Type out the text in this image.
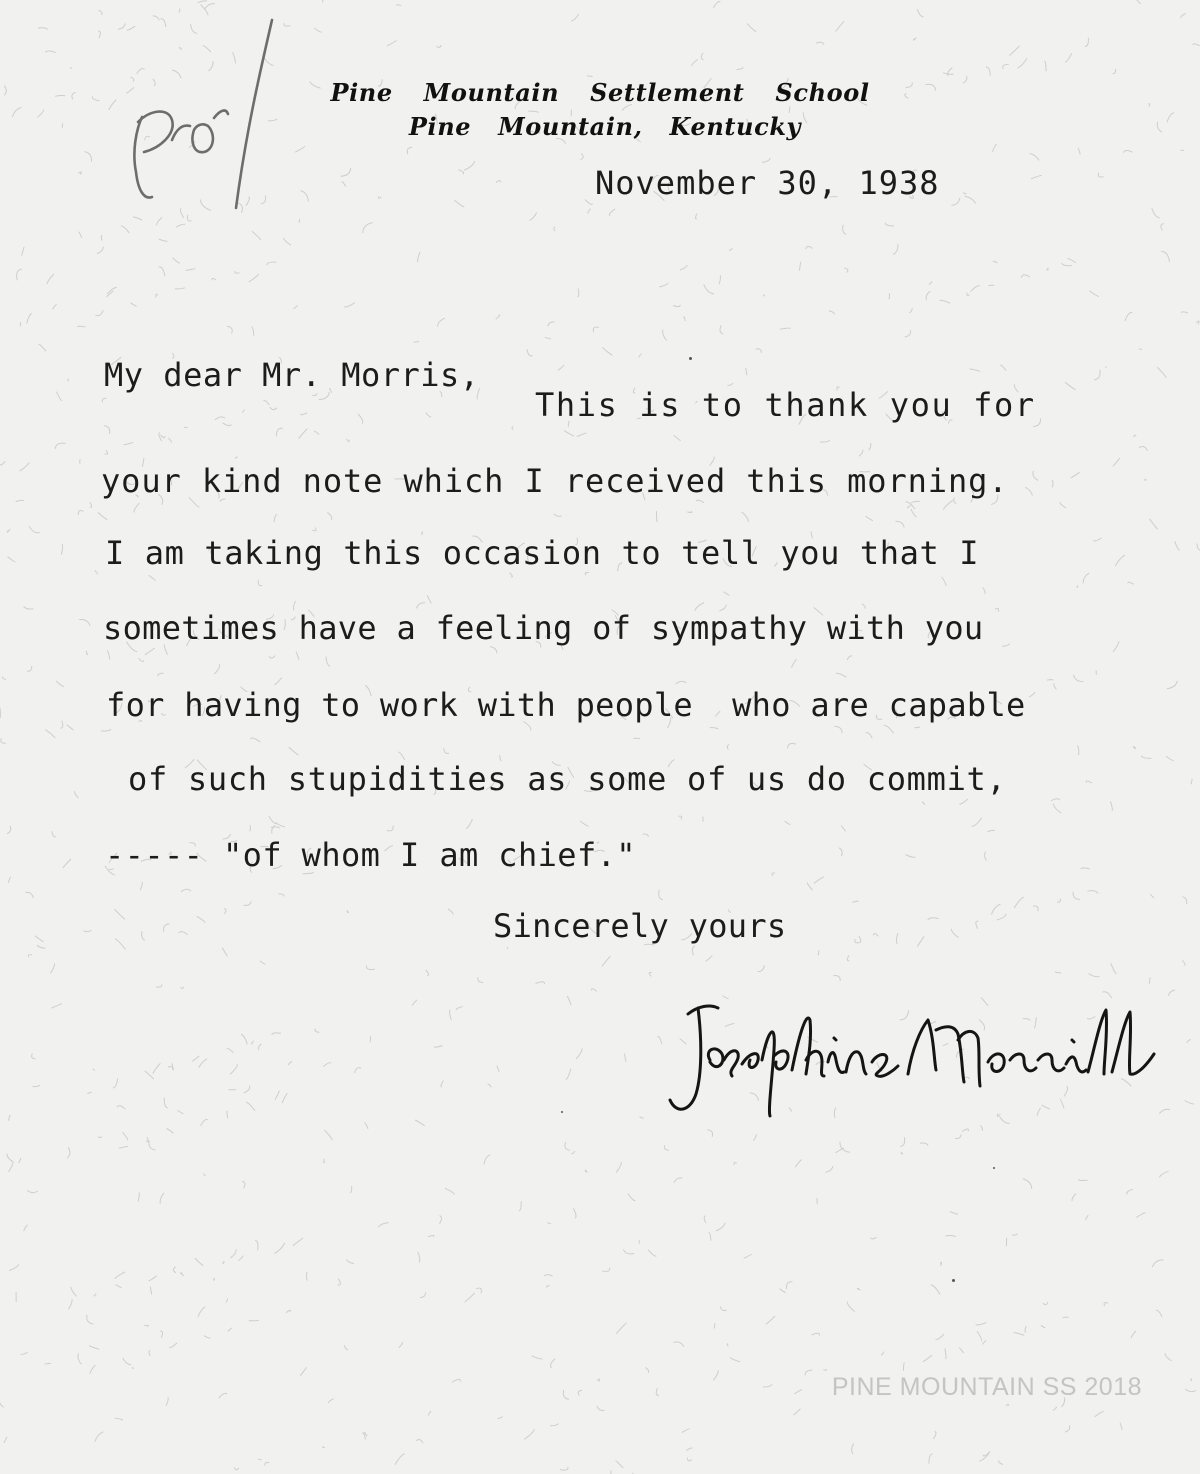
Pine Mountain Settlement School
Pine Mountain, Kentucky
November 30, 1938
My dear Mr. Morris,
This is to thank you for
your kind note which I received this morning.
I am taking this occasion to tell you that I
sometimes have a feeling of sympathy with you
for having to work with people  who are capable
of such stupidities as some of us do commit,
----- "of whom I am chief."
Sincerely yours
PINE MOUNTAIN SS 2018
